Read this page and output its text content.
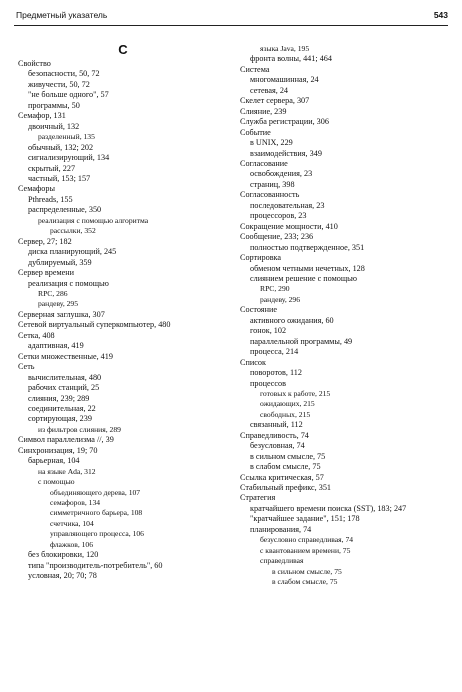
Предметный указатель	543
С
Свойство
безопасности, 50, 72
живучести, 50, 72
"не больше одного", 57
программы, 50
Семафор, 131
двоичный, 132
разделенный, 135
обычный, 132; 202
сигнализирующий, 134
скрытый, 227
частный, 153; 157
Семафоры
Pthreads, 155
распределенные, 350
реализация с помощью алгоритма
рассылки, 352
Сервер, 27; 182
диска планирующий, 245
дублируемый, 359
Сервер времени
реализация с помощью
RPC, 286
рандеву, 295
Серверная заглушка, 307
Сетевой виртуальный суперкомпьютер, 480
Сетка, 408
адаптивная, 419
Сетки множественные, 419
Сеть
вычислительная, 480
рабочих станций, 25
слияния, 239; 289
соединительная, 22
сортирующая, 239
из фильтров слияния, 289
Символ параллелизма //, 39
Синхронизация, 19; 70
барьерная, 104
на языке Ada, 312
с помощью
объединяющего дерева, 107
семафоров, 134
симметричного барьера, 108
счетчика, 104
управляющего процесса, 106
флажков, 106
без блокировки, 120
типа "производитель-потребитель", 60
условная, 20; 70; 78
языка Java, 195
фронта волны, 441; 464
Система
многомашинная, 24
сетевая, 24
Скелет сервера, 307
Слияние, 239
Служба регистрации, 306
Событие
в UNIX, 229
взаимодействия, 349
Согласование
освобождения, 23
страниц, 398
Согласованность
последовательная, 23
процессоров, 23
Сокращение мощности, 410
Сообщение, 233; 236
полностью подтвержденное, 351
Сортировка
обменом четными нечетных, 128
слиянием решение с помощью
RPC, 290
рандеву, 296
Состояние
активного ожидания, 60
гонок, 102
параллельной программы, 49
процесса, 214
Список
поворотов, 112
процессов
готовых к работе, 215
ожидающих, 215
свободных, 215
связанный, 112
Справедливость, 74
безусловная, 74
в сильном смысле, 75
в слабом смысле, 75
Ссылка критическая, 57
Стабильный префикс, 351
Стратегия
кратчайшего времени поиска (SST), 183; 247
"кратчайшее задание", 151; 178
планирования, 74
безусловно справедливая, 74
с квантованием времени, 75
справедливая
в сильном смысле, 75
в слабом смысле, 75
